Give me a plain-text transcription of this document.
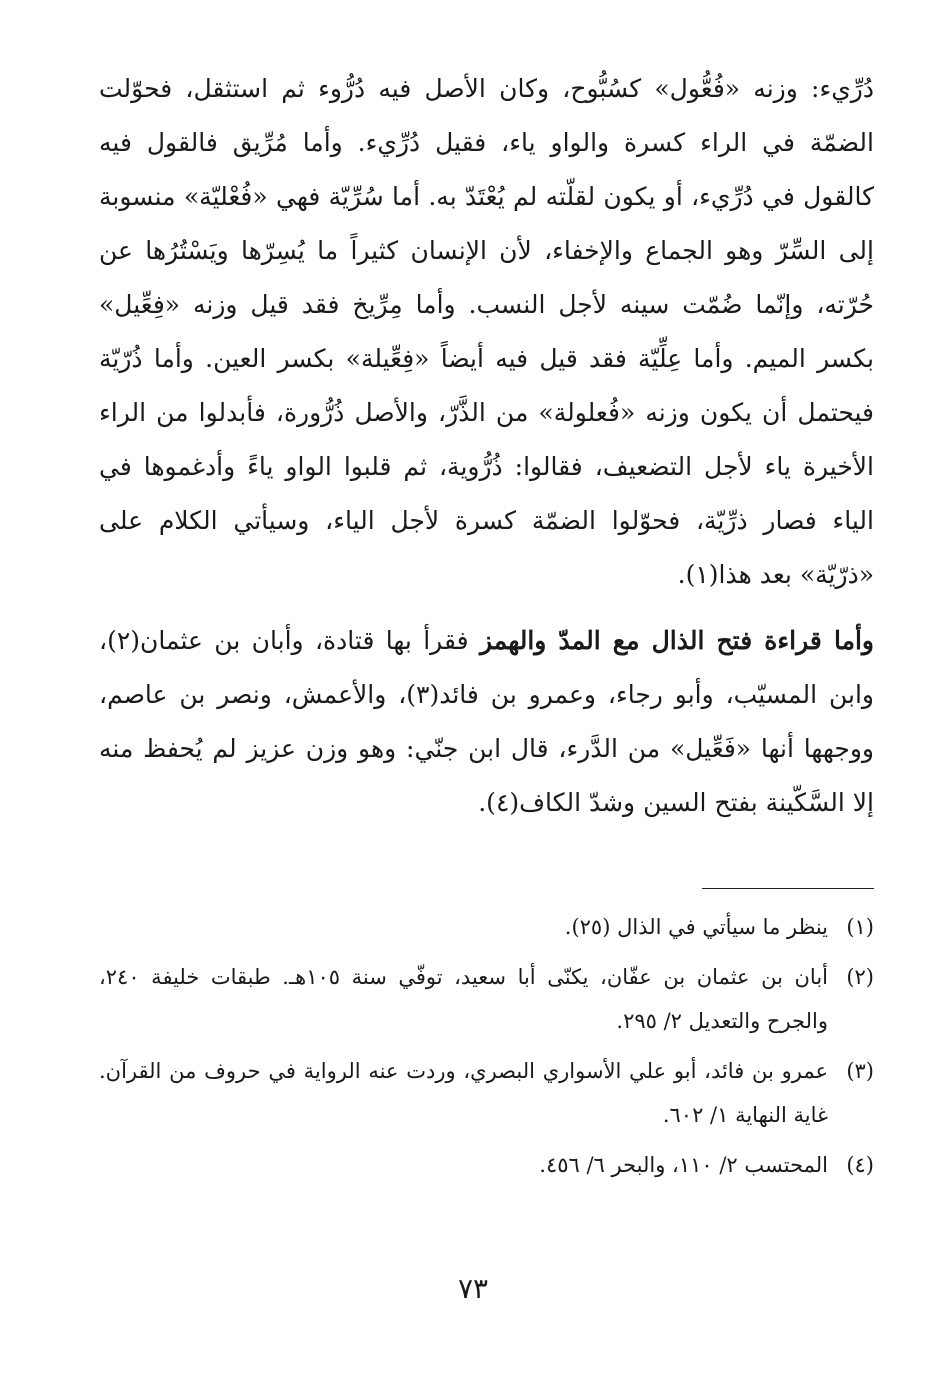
دُرِّيء: وزنه «فُعُّول» كسُبُّوح، وكان الأصل فيه دُرُّوء ثم استثقل، فحوّلت الضمّة في الراء كسرة والواو ياء، فقيل دُرِّيء. وأما مُرِّيق فالقول فيه كالقول في دُرِّيء، أو يكون لقلّته لم يُعْتَدّ به. أما سُرِّيّة فهي «فُعْليّة» منسوبة إلى السِّرّ وهو الجماع والإخفاء، لأن الإنسان كثيراً ما يُسِرّها ويَسْتُرُها عن حُرّته، وإنّما ضُمّت سينه لأجل النسب. وأما مِرِّيخ فقد قيل وزنه «فِعِّيل» بكسر الميم. وأما عِلِّيّة فقد قيل فيه أيضاً «فِعِّيلة» بكسر العين. وأما ذُرّيّة فيحتمل أن يكون وزنه «فُعلولة» من الذَّرّ، والأصل ذُرُّورة، فأبدلوا من الراء الأخيرة ياء لأجل التضعيف، فقالوا: ذُرُّوية، ثم قلبوا الواو ياءً وأدغموها في الياء فصار ذرِّيّة، فحوّلوا الضمّة كسرة لأجل الياء، وسيأتي الكلام على «ذرّيّة» بعد هذا(١).

وأما قراءة فتح الذال مع المدّ والهمز فقرأ بها قتادة، وأبان بن عثمان(٢)، وابن المسيّب، وأبو رجاء، وعمرو بن فائد(٣)، والأعمش، ونصر بن عاصم، ووجهها أنها «فَعِّيل» من الدَّرء، قال ابن جنّي: وهو وزن عزيز لم يُحفظ منه إلا السَّكّينة بفتح السين وشدّ الكاف(٤).

(١)
ينظر ما سيأتي في الذال (٢٥).
(٢)
أبان بن عثمان بن عفّان، يكنّى أبا سعيد، توفّي سنة ١٠٥هـ. طبقات خليفة ٢٤٠، والجرح والتعديل ٢/ ٢٩٥.
(٣)
عمرو بن فائد، أبو علي الأسواري البصري، وردت عنه الرواية في حروف من القرآن. غاية النهاية ١/ ٦٠٢.
(٤)
المحتسب ٢/ ١١٠، والبحر ٦/ ٤٥٦.
٧٣
